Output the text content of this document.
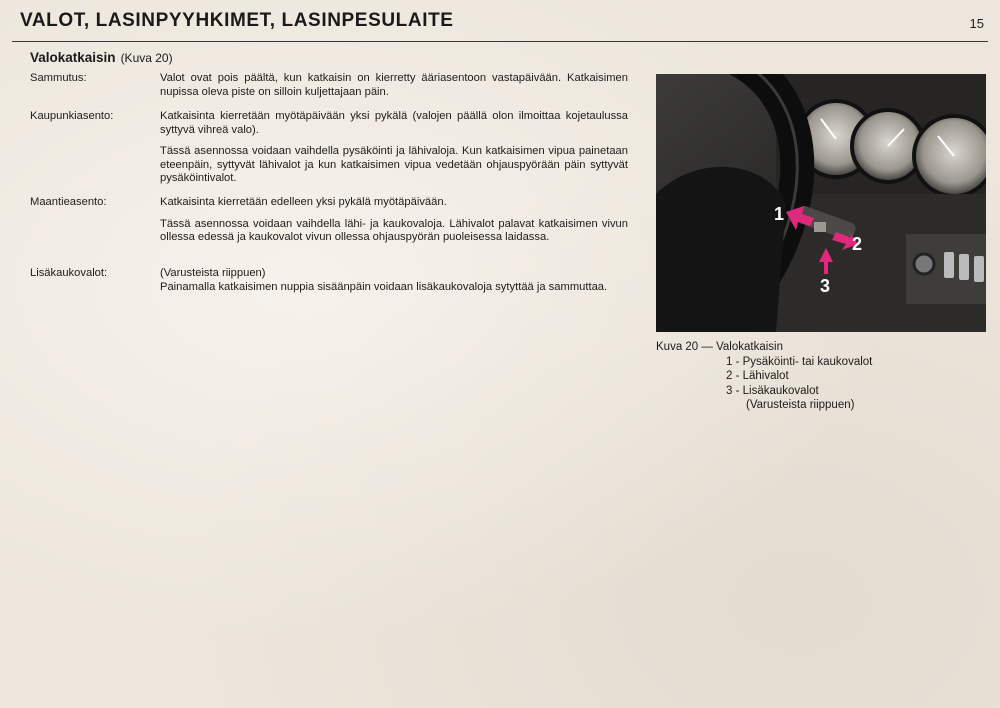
VALOT, LASINPYYHKIMET, LASINPESULAITE	15
Valokatkaisin (Kuva 20)
Sammutus:	Valot ovat pois päältä, kun katkaisin on kierretty ääriasentoon vastapäivään. Katkaisimen nupissa oleva piste on silloin kuljettajaan päin.

Kaupunkiasento:	Katkaisinta kierretään myötäpäivään yksi pykälä (valojen päällä olon ilmoittaa kojetaulussa syttyvä vihreä valo).

Tässä asennossa voidaan vaihdella pysäköinti ja lähivaloja. Kun katkaisimen vipua painetaan eteenpäin, syttyvät lähivalot ja kun katkaisimen vipua vedetään ohjauspyörään päin syttyvät pysäköintivalot.

Maantieasento:	Katkaisinta kierretään edelleen yksi pykälä myötäpäivään.

Tässä asennossa voidaan vaihdella lähi- ja kaukovaloja. Lähivalot palavat katkaisimen vivun ollessa edessä ja kaukovalot vivun ollessa ohjauspyörän puoleisessa laidassa.

Lisäkaukovalot:	(Varusteista riippuen)
Painamalla katkaisimen nuppia sisäänpäin voidaan lisäkaukovaloja sytyttää ja sammuttaa.

1
2
3
Kuva 20 — Valokatkaisin
1 - Pysäköinti- tai kaukovalot
2 - Lähivalot
3 - Lisäkaukovalot
(Varusteista riippuen)
